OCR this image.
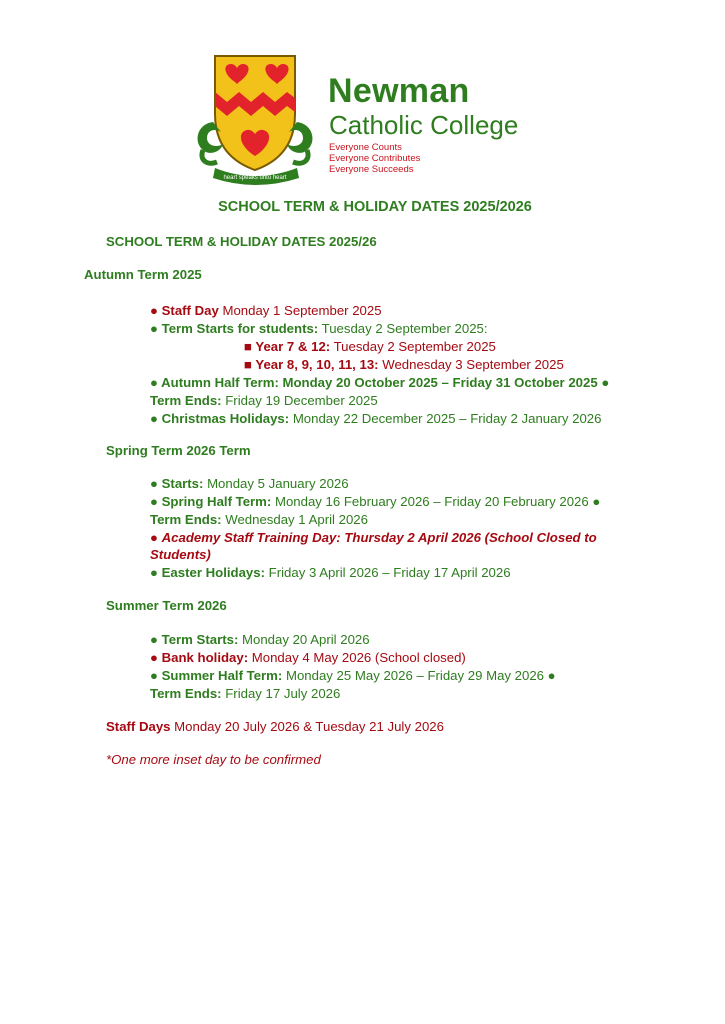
heart speaks unto heart
Newman
Catholic College
Everyone Counts
Everyone Contributes
Everyone Succeeds
SCHOOL TERM & HOLIDAY DATES 2025/2026
SCHOOL TERM & HOLIDAY DATES 2025/26
Autumn Term 2025
● Staff Day Monday 1 September 2025
● Term Starts for students: Tuesday 2 September 2025:
■ Year 7 & 12: Tuesday 2 September 2025
■ Year 8, 9, 10, 11, 13: Wednesday 3 September 2025
● Autumn Half Term: Monday 20 October 2025 – Friday 31 October 2025 ●
Term Ends: Friday 19 December 2025
● Christmas Holidays: Monday 22 December 2025 – Friday 2 January 2026
Spring Term 2026 Term
● Starts: Monday 5 January 2026
● Spring Half Term: Monday 16 February 2026 – Friday 20 February 2026 ●
Term Ends: Wednesday 1 April 2026
● Academy Staff Training Day: Thursday 2 April 2026 (School Closed to
Students)
● Easter Holidays: Friday 3 April 2026 – Friday 17 April 2026
Summer Term 2026
● Term Starts: Monday 20 April 2026
● Bank holiday: Monday 4 May 2026 (School closed)
● Summer Half Term: Monday 25 May 2026 – Friday 29 May 2026 ●
Term Ends: Friday 17 July 2026
Staff Days Monday 20 July 2026 & Tuesday 21 July 2026
*One more inset day to be confirmed
